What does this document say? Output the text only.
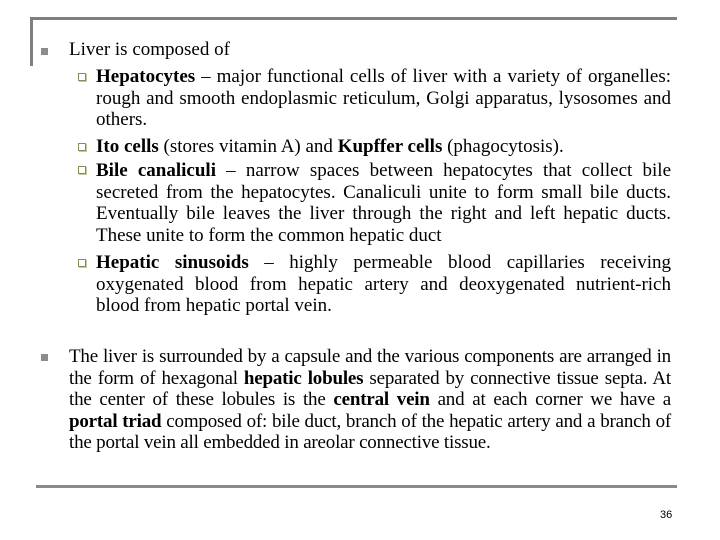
Liver is composed of
Hepatocytes – major functional cells of liver with a variety of organelles: rough and smooth endoplasmic reticulum, Golgi apparatus, lysosomes and others.
Ito cells (stores vitamin A) and Kupffer cells (phagocytosis).
Bile canaliculi – narrow spaces between hepatocytes that collect bile secreted from the hepatocytes. Canaliculi unite to form small bile ducts. Eventually bile leaves the liver through the right and left hepatic ducts. These unite to form the common hepatic duct
Hepatic sinusoids – highly permeable blood capillaries receiving oxygenated blood from hepatic artery and deoxygenated nutrient-rich blood from hepatic portal vein.
The liver is surrounded by a capsule and the various components are arranged in the form of hexagonal hepatic lobules separated by connective tissue septa. At the center of these lobules is the central vein and at each corner we have a portal triad composed of: bile duct, branch of the hepatic artery and a branch of the portal vein all embedded in areolar connective tissue.
36
